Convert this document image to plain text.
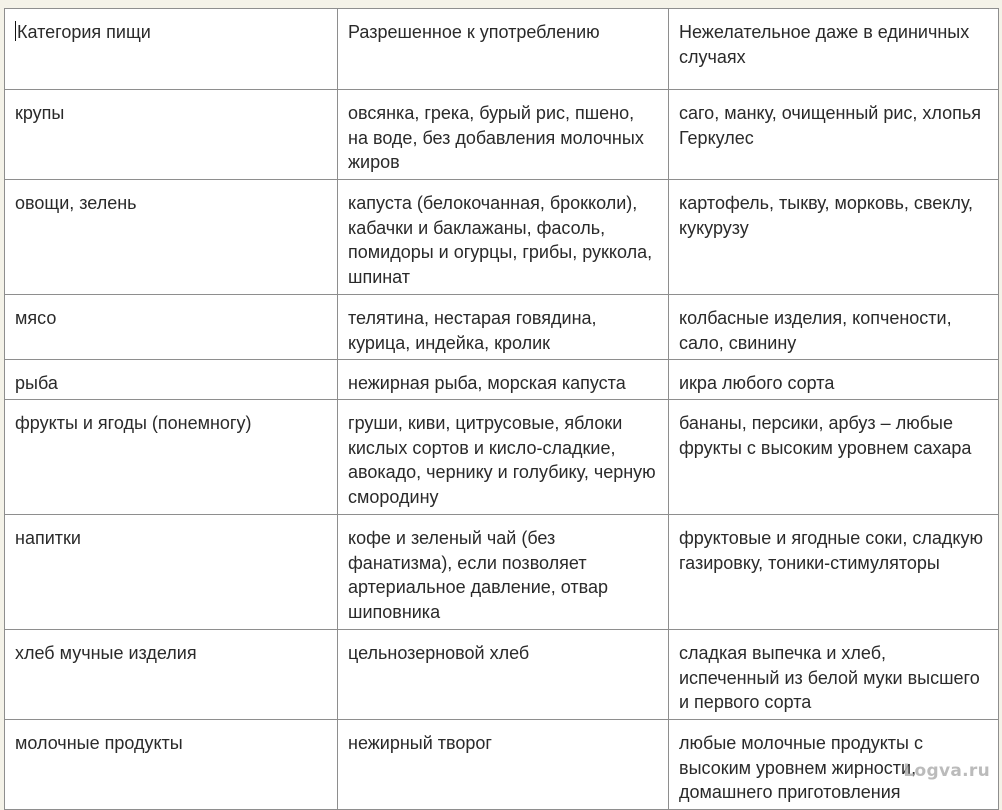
Категория пищи	Разрешенное к употреблению	Нежелательное даже в единичных случаях
крупы	овсянка, грека, бурый рис, пшено, на воде, без добавления молочных жиров	саго, манку, очищенный рис, хлопья Геркулес
овощи, зелень	капуста (белокочанная, брокколи), кабачки и баклажаны, фасоль, помидоры и огурцы, грибы, руккола, шпинат	картофель, тыкву, морковь, свеклу, кукурузу
мясо	телятина, нестарая говядина, курица, индейка, кролик	колбасные изделия, копчености, сало, свинину
рыба	нежирная рыба, морская капуста	икра любого сорта
фрукты и ягоды (понемногу)	груши, киви, цитрусовые, яблоки кислых сортов и кисло-сладкие, авокадо, чернику и голубику, черную смородину	бананы, персики, арбуз – любые фрукты с высоким уровнем сахара
напитки	кофе и зеленый чай (без фанатизма), если позволяет артериальное давление, отвар шиповника	фруктовые и ягодные соки, сладкую газировку, тоники-стимуляторы
хлеб мучные изделия	цельнозерновой хлеб	сладкая выпечка и хлеб, испеченный из белой муки высшего и первого сорта
молочные продукты	нежирный творог	любые молочные продукты с высоким уровнем жирности, домашнего приготовления
Logva.ru
